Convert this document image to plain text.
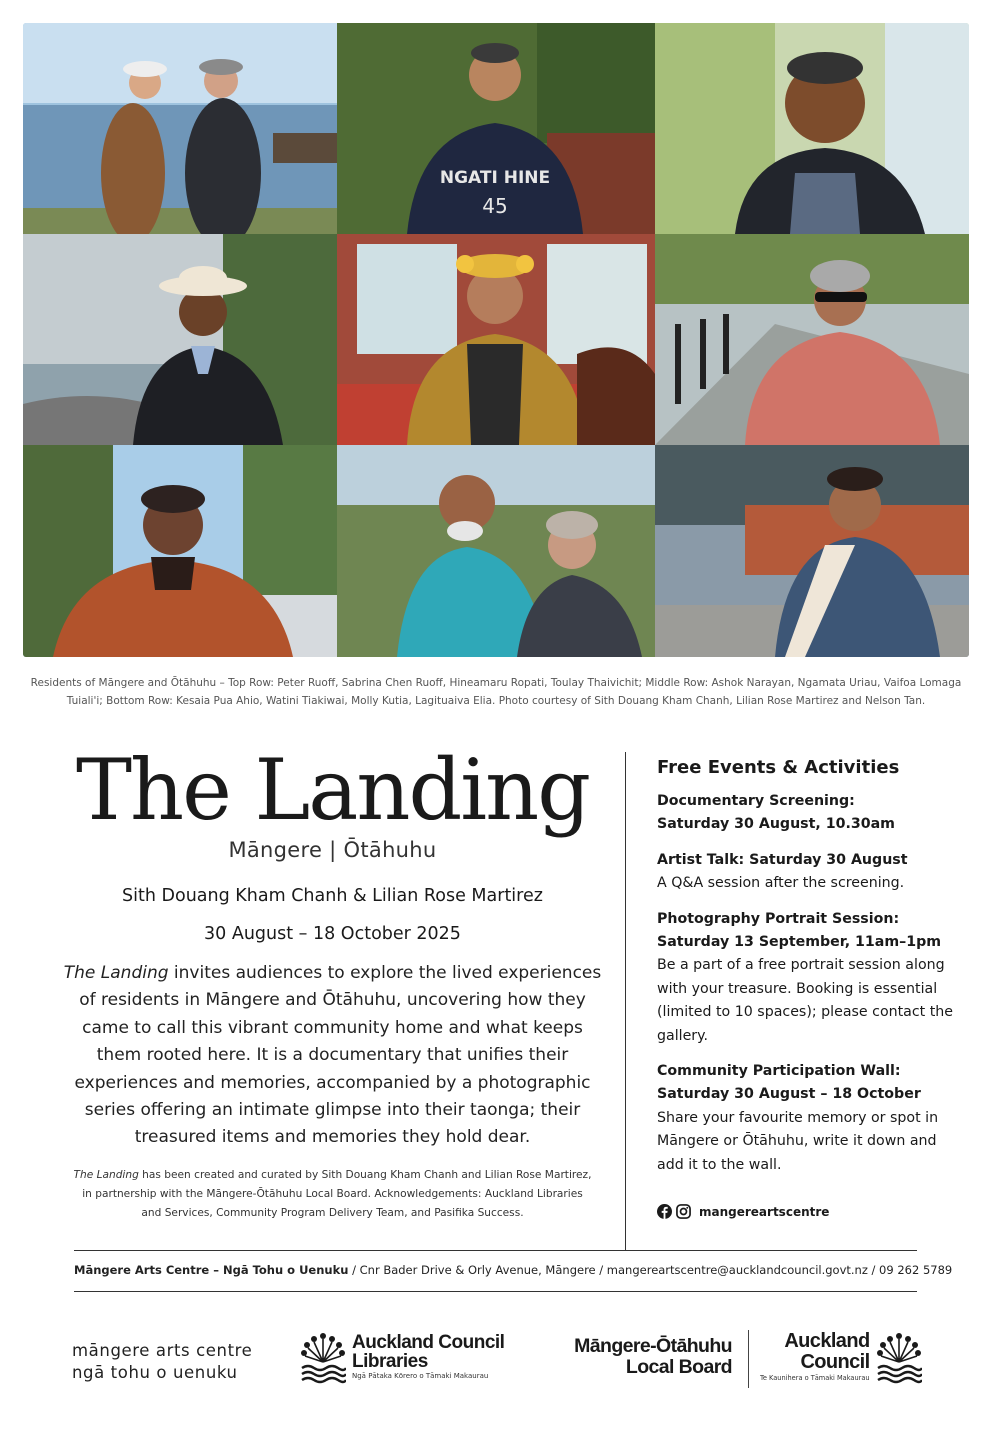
NGATI HINE
45
Residents of Māngere and Ōtāhuhu – Top Row: Peter Ruoff, Sabrina Chen Ruoff, Hineamaru Ropati, Toulay Thaivichit; Middle Row: Ashok Narayan, Ngamata Uriau, Vaifoa Lomaga Tuiali'i; Bottom Row: Kesaia Pua Ahio, Watini Tiakiwai, Molly Kutia, Lagituaiva Elia. Photo courtesy of Sith Douang Kham Chanh, Lilian Rose Martirez and Nelson Tan.
The Landing
Māngere | Ōtāhuhu
Sith Douang Kham Chanh & Lilian Rose Martirez
30 August – 18 October 2025
The Landing invites audiences to explore the lived experiences of residents in Māngere and Ōtāhuhu, uncovering how they came to call this vibrant community home and what keeps them rooted here. It is a documentary that unifies their experiences and memories, accompanied by a photographic series offering an intimate glimpse into their taonga; their treasured items and memories they hold dear.
The Landing has been created and curated by Sith Douang Kham Chanh and Lilian Rose Martirez, in partnership with the Māngere-Ōtāhuhu Local Board. Acknowledgements: Auckland Libraries and Services, Community Program Delivery Team, and Pasifika Success.
Free Events & Activities
Documentary Screening:
Saturday 30 August, 10.30am
Artist Talk: Saturday 30 August
A Q&A session after the screening.
Photography Portrait Session:
Saturday 13 September, 11am–1pm
Be a part of a free portrait session along with your treasure. Booking is essential (limited to 10 spaces); please contact the gallery.
Community Participation Wall:
Saturday 30 August – 18 October
Share your favourite memory or spot in Māngere or Ōtāhuhu, write it down and add it to the wall.
mangereartscentre
Māngere Arts Centre – Ngā Tohu o Uenuku / Cnr Bader Drive & Orly Avenue, Māngere / mangereartscentre@aucklandcouncil.govt.nz / 09 262 5789
māngere arts centre
ngā tohu o uenuku
Auckland Council
Libraries
Ngā Pātaka Kōrero o Tāmaki Makaurau
Māngere-Ōtāhuhu
Local Board
Auckland
Council
Te Kaunihera o Tāmaki Makaurau
